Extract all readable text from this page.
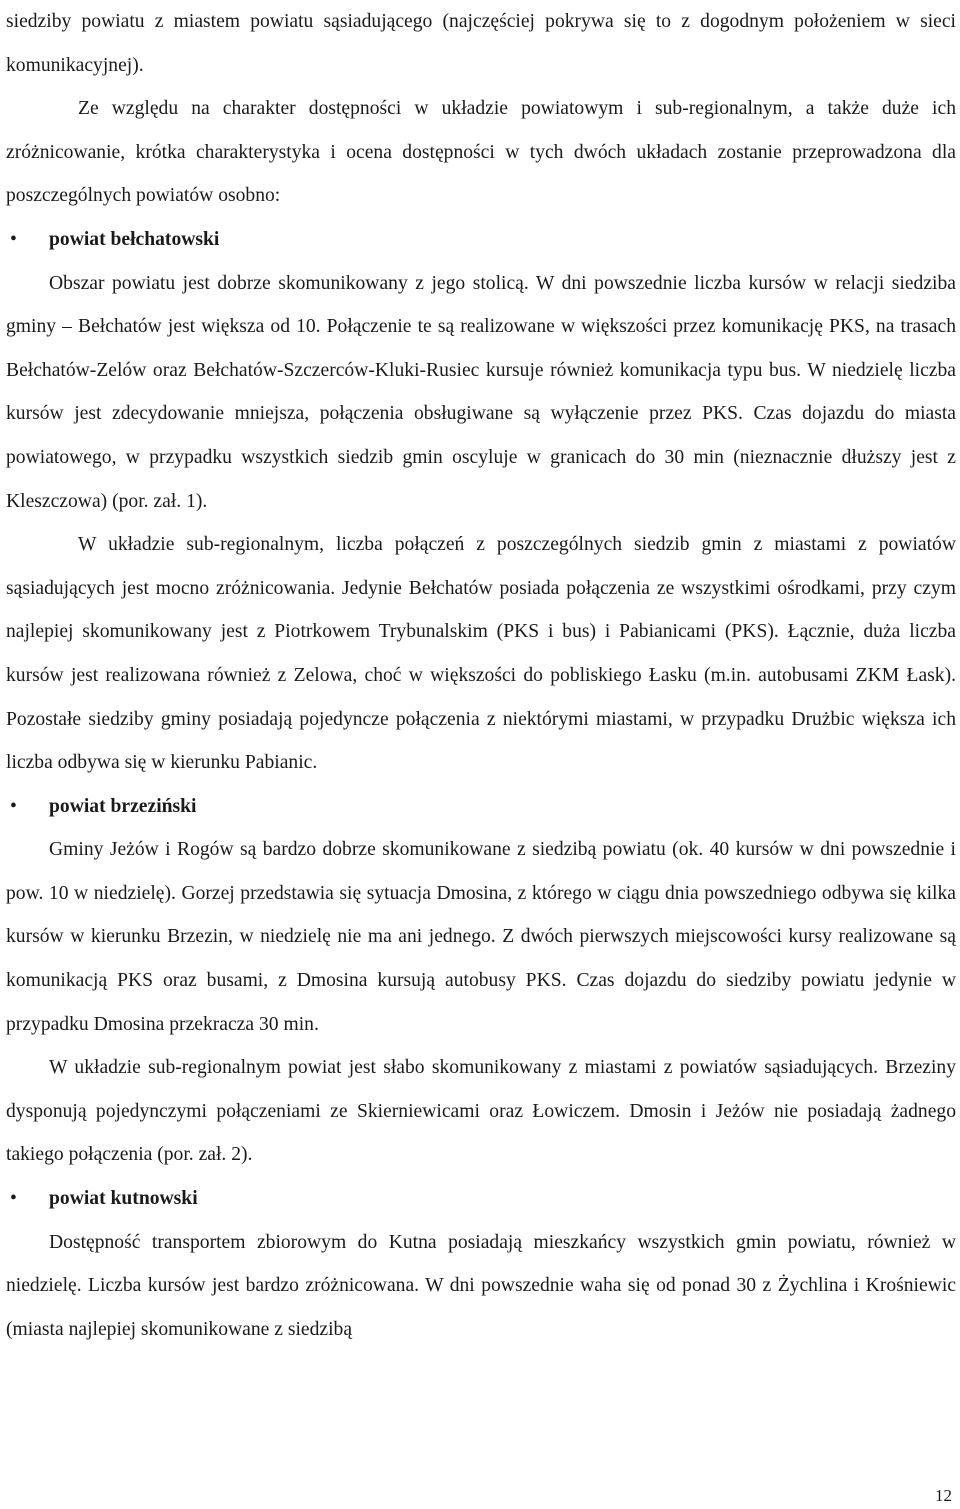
siedziby powiatu z miastem powiatu sąsiadującego (najczęściej pokrywa się to z dogodnym położeniem w sieci komunikacyjnej).

Ze względu na charakter dostępności w układzie powiatowym i sub-regionalnym, a także duże ich zróżnicowanie, krótka charakterystyka i ocena dostępności w tych dwóch układach zostanie przeprowadzona dla poszczególnych powiatów osobno:

• powiat bełchatowski

Obszar powiatu jest dobrze skomunikowany z jego stolicą. W dni powszednie liczba kursów w relacji siedziba gminy – Bełchatów jest większa od 10. Połączenie te są realizowane w większości przez komunikację PKS, na trasach Bełchatów-Zelów oraz Bełchatów-Szczerców-Kluki-Rusiec kursuje również komunikacja typu bus. W niedzielę liczba kursów jest zdecydowanie mniejsza, połączenia obsługiwane są wyłączenie przez PKS. Czas dojazdu do miasta powiatowego, w przypadku wszystkich siedzib gmin oscyluje w granicach do 30 min (nieznacznie dłuższy jest z Kleszczowa) (por. zał. 1).

W układzie sub-regionalnym, liczba połączeń z poszczególnych siedzib gmin z miastami z powiatów sąsiadujących jest mocno zróżnicowania. Jedynie Bełchatów posiada połączenia ze wszystkimi ośrodkami, przy czym najlepiej skomunikowany jest z Piotrkowem Trybunalskim (PKS i bus) i Pabianicami (PKS). Łącznie, duża liczba kursów jest realizowana również z Zelowa, choć w większości do pobliskiego Łasku (m.in. autobusami ZKM Łask). Pozostałe siedziby gminy posiadają pojedyncze połączenia z niektórymi miastami, w przypadku Drużbic większa ich liczba odbywa się w kierunku Pabianic.

• powiat brzeziński

Gminy Jeżów i Rogów są bardzo dobrze skomunikowane z siedzibą powiatu (ok. 40 kursów w dni powszednie i pow. 10 w niedzielę). Gorzej przedstawia się sytuacja Dmosina, z którego w ciągu dnia powszedniego odbywa się kilka kursów w kierunku Brzezin, w niedzielę nie ma ani jednego. Z dwóch pierwszych miejscowości kursy realizowane są komunikacją PKS oraz busami, z Dmosina kursują autobusy PKS. Czas dojazdu do siedziby powiatu jedynie w przypadku Dmosina przekracza 30 min.

W układzie sub-regionalnym powiat jest słabo skomunikowany z miastami z powiatów sąsiadujących. Brzeziny dysponują pojedynczymi połączeniami ze Skierniewicami oraz Łowiczem. Dmosin i Jeżów nie posiadają żadnego takiego połączenia (por. zał. 2).

• powiat kutnowski

Dostępność transportem zbiorowym do Kutna posiadają mieszkańcy wszystkich gmin powiatu, również w niedzielę. Liczba kursów jest bardzo zróżnicowana. W dni powszednie waha się od ponad 30 z Żychlina i Krośniewic (miasta najlepiej skomunikowane z siedzibą

12
